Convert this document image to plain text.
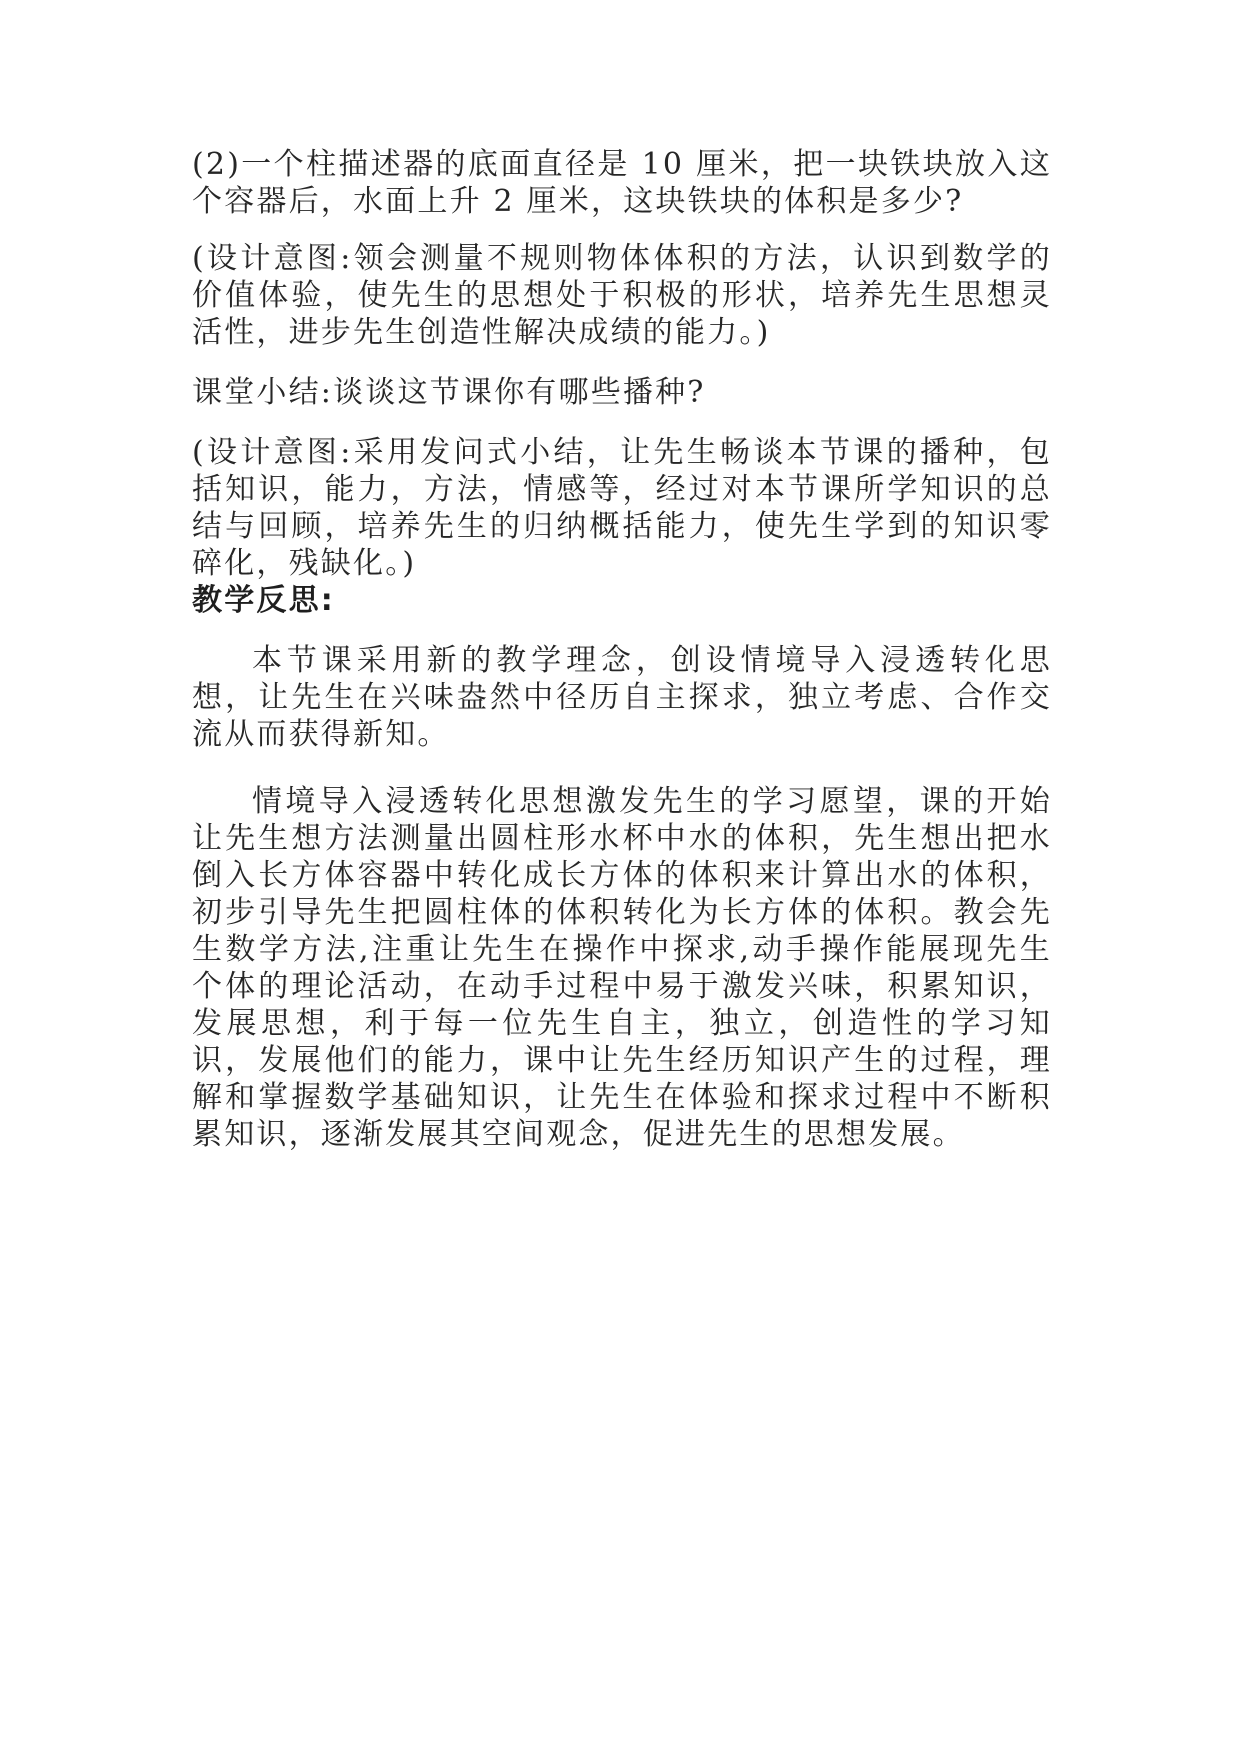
(2)一个柱描述器的底面直径是 10 厘米，把一块铁块放入这个容器后，水面上升 2 厘米，这块铁块的体积是多少?

(设计意图:领会测量不规则物体体积的方法，认识到数学的价值体验，使先生的思想处于积极的形状，培养先生思想灵活性，进步先生创造性解决成绩的能力。)

课堂小结:谈谈这节课你有哪些播种?

(设计意图:采用发问式小结，让先生畅谈本节课的播种，包括知识，能力，方法，情感等，经过对本节课所学知识的总结与回顾，培养先生的归纳概括能力，使先生学到的知识零碎化，残缺化。)

教学反思:

本节课采用新的教学理念，创设情境导入浸透转化思想，让先生在兴味盎然中径历自主探求，独立考虑、合作交流从而获得新知。

情境导入浸透转化思想激发先生的学习愿望，课的开始让先生想方法测量出圆柱形水杯中水的体积，先生想出把水倒入长方体容器中转化成长方体的体积来计算出水的体积，初步引导先生把圆柱体的体积转化为长方体的体积。教会先生数学方法,注重让先生在操作中探求,动手操作能展现先生个体的理论活动，在动手过程中易于激发兴味，积累知识，发展思想，利于每一位先生自主，独立，创造性的学习知识，发展他们的能力，课中让先生经历知识产生的过程，理解和掌握数学基础知识，让先生在体验和探求过程中不断积累知识，逐渐发展其空间观念，促进先生的思想发展。
